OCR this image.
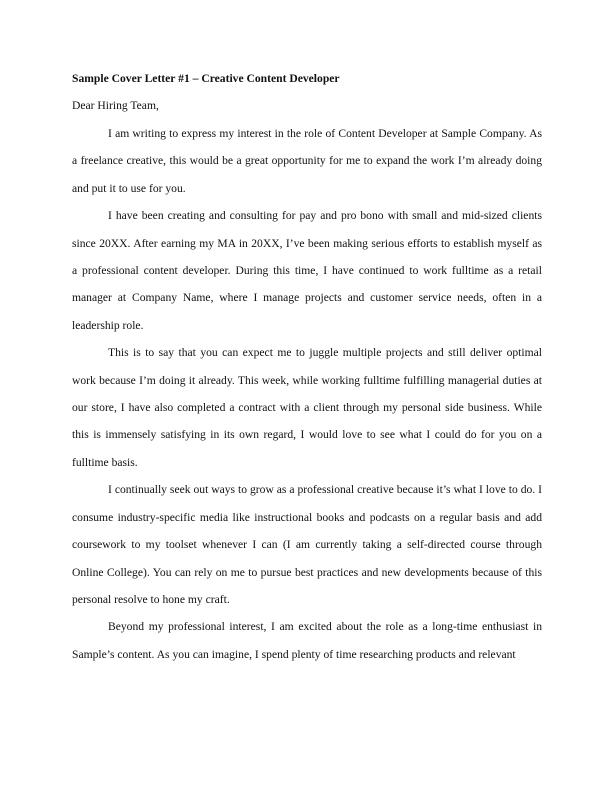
Sample Cover Letter #1 – Creative Content Developer

Dear Hiring Team,

I am writing to express my interest in the role of Content Developer at Sample Company. As a freelance creative, this would be a great opportunity for me to expand the work I’m already doing and put it to use for you.

I have been creating and consulting for pay and pro bono with small and mid-sized clients since 20XX. After earning my MA in 20XX, I’ve been making serious efforts to establish myself as a professional content developer. During this time, I have continued to work fulltime as a retail manager at Company Name, where I manage projects and customer service needs, often in a leadership role.

This is to say that you can expect me to juggle multiple projects and still deliver optimal work because I’m doing it already. This week, while working fulltime fulfilling managerial duties at our store, I have also completed a contract with a client through my personal side business. While this is immensely satisfying in its own regard, I would love to see what I could do for you on a fulltime basis.

I continually seek out ways to grow as a professional creative because it’s what I love to do. I consume industry-specific media like instructional books and podcasts on a regular basis and add coursework to my toolset whenever I can (I am currently taking a self-directed course through Online College). You can rely on me to pursue best practices and new developments because of this personal resolve to hone my craft.

Beyond my professional interest, I am excited about the role as a long-time enthusiast in Sample’s content. As you can imagine, I spend plenty of time researching products and relevant
